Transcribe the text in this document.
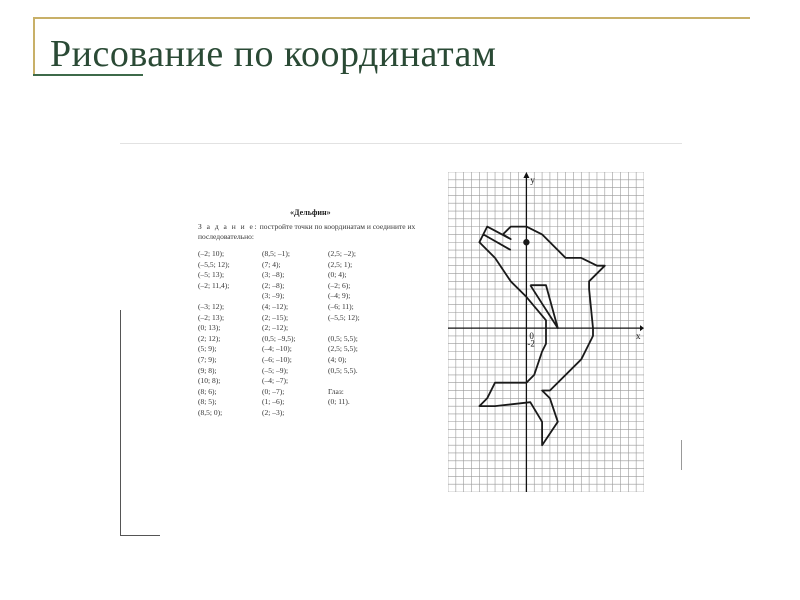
Рисование по координатам
«Дельфин»
З а д а н и е: постройте точки по координатам и соедините их последовательно:
(–2; 10);
(–5,5; 12);
(–5; 13);
(–2; 11,4);

(–3; 12);
(–2; 13);
(0; 13);
(2; 12);
(5; 9);
(7; 9);
(9; 8);
(10; 8);
(8; 6);
(8; 5);
(8,5; 0);
(8,5; –1);
(7; 4);
(3; –8);
(2; –8);
(3; –9);
(4; –12);
(2; –15);
(2; –12);
(0,5; –9,5);
(–4; –10);
(–6; –10);
(–5; –9);
(–4; –7);
(0; –7);
(1; –6);
(2; –3);
(2,5; –2);
(2,5; 1);
(0; 4);
(–2; 6);
(–4; 9);
(–6; 11);
(–5,5; 12);

(0,5; 5,5);
(2,5; 5,5);
(4; 0);
(0,5; 5,5).

Глаз:
(0; 11).

y
x
0
-2
